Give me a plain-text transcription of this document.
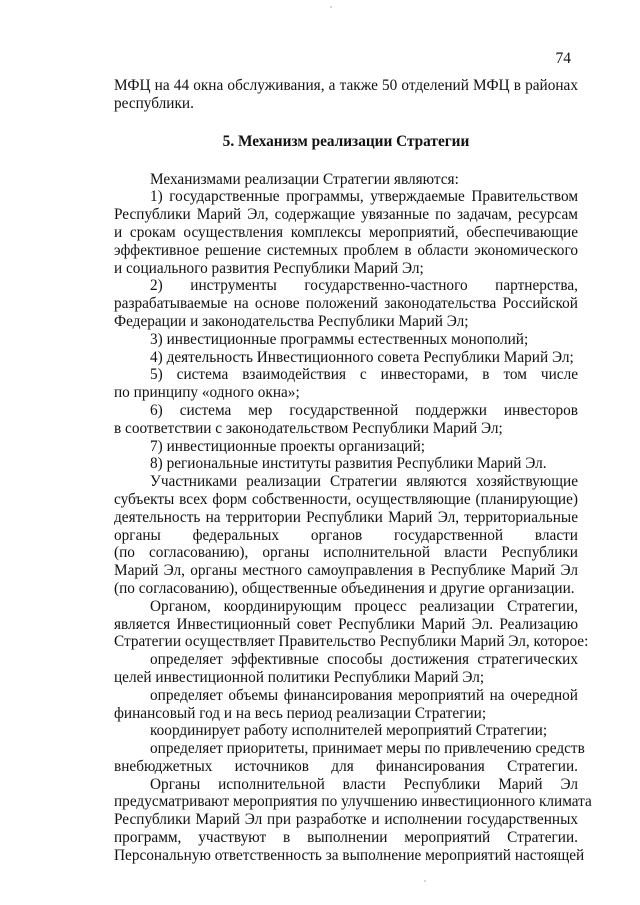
74
МФЦ на 44 окна обслуживания, а также 50 отделений МФЦ в районах
республики.
5. Механизм реализации Стратегии
Механизмами реализации Стратегии являются:
1) государственные программы, утверждаемые Правительством
Республики Марий Эл, содержащие увязанные по задачам, ресурсам
и срокам осуществления комплексы мероприятий, обеспечивающие
эффективное решение системных проблем в области экономического
и социального развития Республики Марий Эл;
2) инструменты государственно-частного партнерства,
разрабатываемые на основе положений законодательства Российской
Федерации и законодательства Республики Марий Эл;
3) инвестиционные программы естественных монополий;
4) деятельность Инвестиционного совета Республики Марий Эл;
5) система взаимодействия с инвесторами, в том числе
по принципу «одного окна»;
6) система мер государственной поддержки инвесторов
в соответствии с законодательством Республики Марий Эл;
7) инвестиционные проекты организаций;
8) региональные институты развития Республики Марий Эл.
Участниками реализации Стратегии являются хозяйствующие
субъекты всех форм собственности, осуществляющие (планирующие)
деятельность на территории Республики Марий Эл, территориальные
органы федеральных органов государственной власти
(по согласованию), органы исполнительной власти Республики
Марий Эл, органы местного самоуправления в Республике Марий Эл
(по согласованию), общественные объединения и другие организации.
Органом, координирующим процесс реализации Стратегии,
является Инвестиционный совет Республики Марий Эл. Реализацию
Стратегии осуществляет Правительство Республики Марий Эл, которое:
определяет эффективные способы достижения стратегических
целей инвестиционной политики Республики Марий Эл;
определяет объемы финансирования мероприятий на очередной
финансовый год и на весь период реализации Стратегии;
координирует работу исполнителей мероприятий Стратегии;
определяет приоритеты, принимает меры по привлечению средств
внебюджетных источников для финансирования Стратегии.
Органы исполнительной власти Республики Марий Эл
предусматривают мероприятия по улучшению инвестиционного климата
Республики Марий Эл при разработке и исполнении государственных
программ, участвуют в выполнении мероприятий Стратегии.
Персональную ответственность за выполнение мероприятий настоящей
